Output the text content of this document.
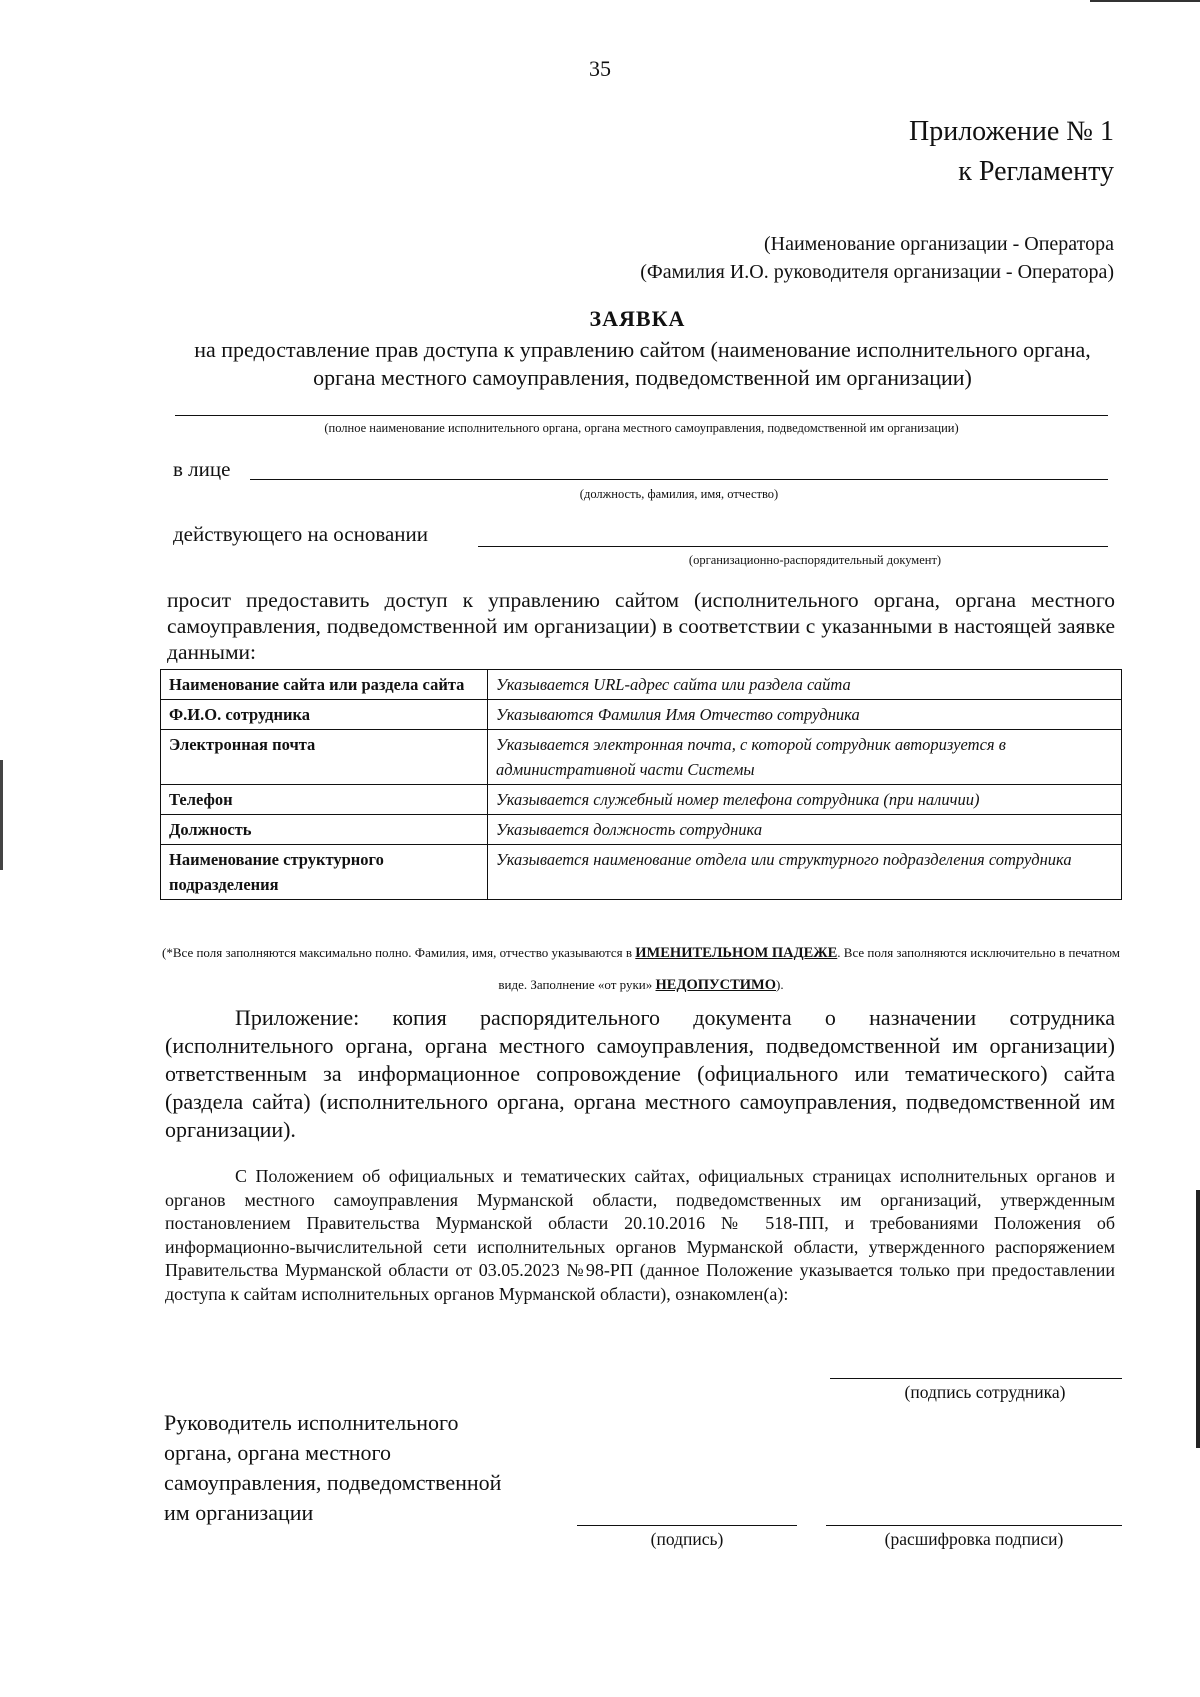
35
Приложение № 1
к Регламенту
(Наименование организации - Оператора
(Фамилия И.О. руководителя организации - Оператора)
ЗАЯВКА
на предоставление прав доступа к управлению сайтом (наименование исполнительного органа, органа местного самоуправления, подведомственной им организации)
(полное наименование исполнительного органа, органа местного самоуправления, подведомственной им организации)
в лице
(должность, фамилия, имя, отчество)
действующего на основании
(организационно-распорядительный документ)
просит предоставить доступ к управлению сайтом (исполнительного органа, органа местного самоуправления, подведомственной им организации) в соответствии с указанными в настоящей заявке данными:
Наименование сайта или раздела сайта	Указывается URL-адрес сайта или раздела сайта
Ф.И.О. сотрудника	Указываются Фамилия Имя Отчество сотрудника
Электронная почта	Указывается электронная почта, с которой сотрудник авторизуется в административной части Системы
Телефон	Указывается служебный номер телефона сотрудника (при наличии)
Должность	Указывается должность сотрудника
Наименование структурного подразделения	Указывается наименование отдела или структурного подразделения сотрудника
(*Все поля заполняются максимально полно. Фамилия, имя, отчество указываются в ИМЕНИТЕЛЬНОМ ПАДЕЖЕ. Все поля заполняются исключительно в печатном виде. Заполнение «от руки» НЕДОПУСТИМО).
Приложение: копия распорядительного документа о назначении сотрудника (исполнительного органа, органа местного самоуправления, подведомственной им организации) ответственным за информационное сопровождение (официального или тематического) сайта (раздела сайта) (исполнительного органа, органа местного самоуправления, подведомственной им организации).
С Положением об официальных и тематических сайтах, официальных страницах исполнительных органов и органов местного самоуправления Мурманской области, подведомственных им организаций, утвержденным постановлением Правительства Мурманской области 20.10.2016 № 518-ПП, и требованиями Положения об информационно-вычислительной сети исполнительных органов Мурманской области, утвержденного распоряжением Правительства Мурманской области от 03.05.2023 №98-РП (данное Положение указывается только при предоставлении доступа к сайтам исполнительных органов Мурманской области), ознакомлен(а):
(подпись сотрудника)
Руководитель исполнительного
органа, органа местного
самоуправления, подведомственной
им организации
(подпись)	(расшифровка подписи)
